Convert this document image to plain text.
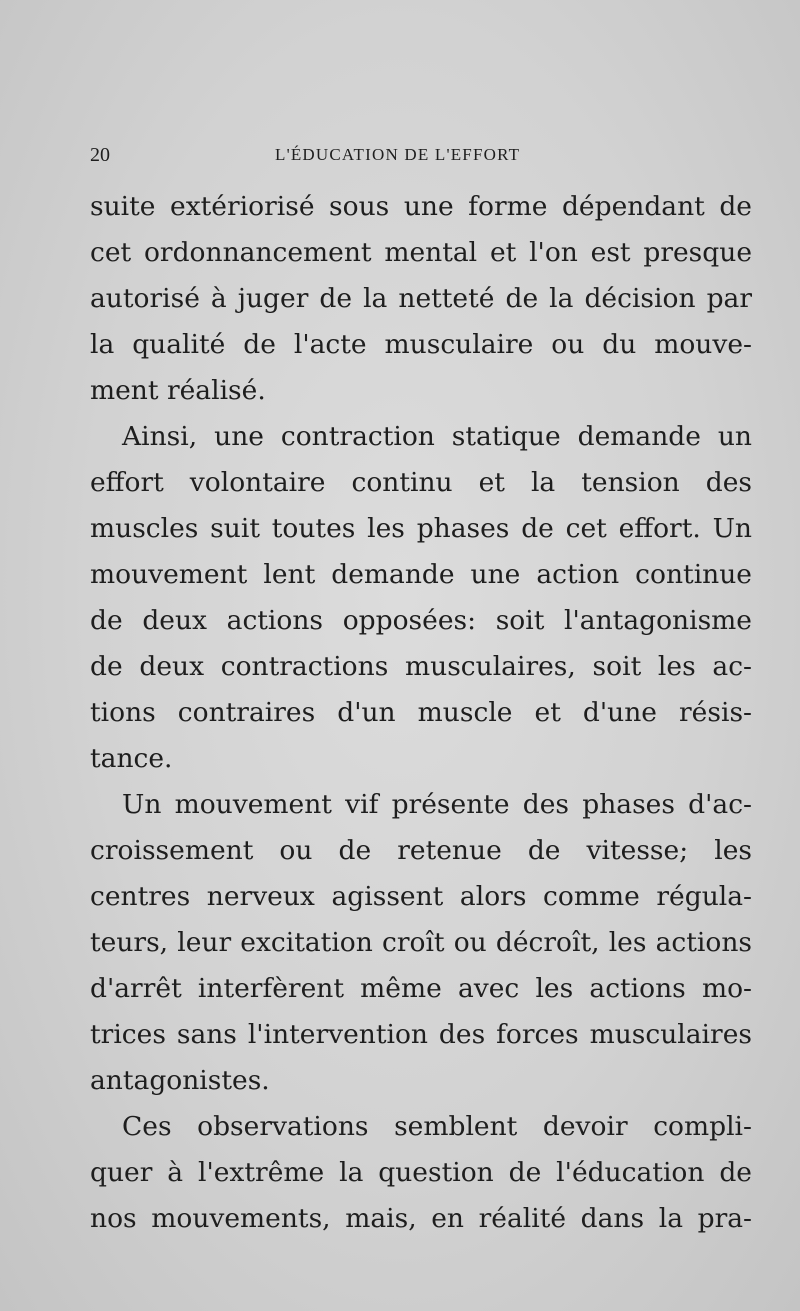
20	L'ÉDUCATION DE L'EFFORT
suite extériorisé sous une forme dépendant de
cet ordonnancement mental et l'on est presque
autorisé à juger de la netteté de la décision par
la qualité de l'acte musculaire ou du mouve-
ment réalisé.
Ainsi, une contraction statique demande un
effort volontaire continu et la tension des
muscles suit toutes les phases de cet effort. Un
mouvement lent demande une action continue
de deux actions opposées: soit l'antagonisme
de deux contractions musculaires, soit les ac-
tions contraires d'un muscle et d'une résis-
tance.
Un mouvement vif présente des phases d'ac-
croissement ou de retenue de vitesse; les
centres nerveux agissent alors comme régula-
teurs, leur excitation croît ou décroît, les actions
d'arrêt interfèrent même avec les actions mo-
trices sans l'intervention des forces musculaires
antagonistes.
Ces observations semblent devoir compli-
quer à l'extrême la question de l'éducation de
nos mouvements, mais, en réalité dans la pra-
